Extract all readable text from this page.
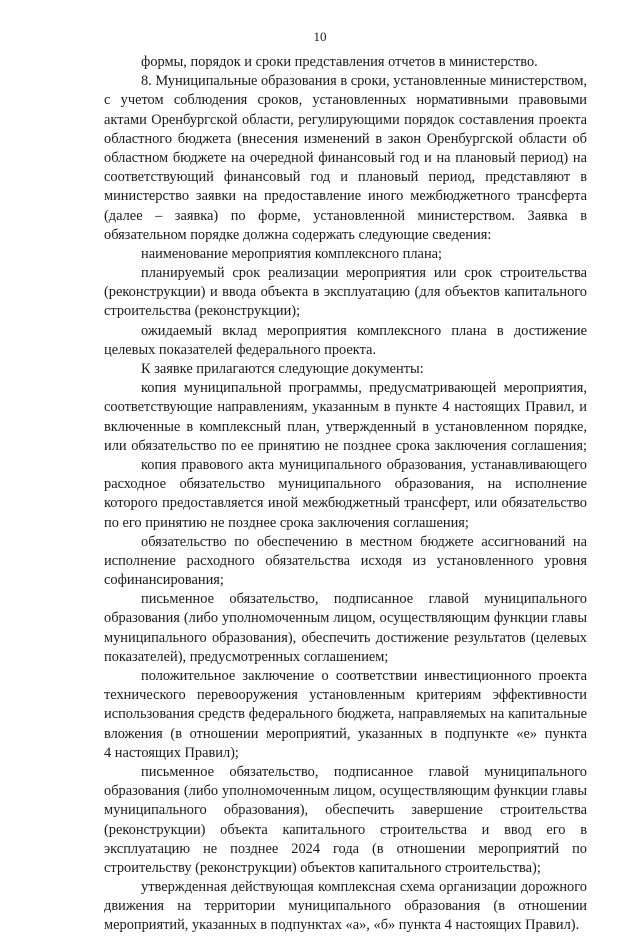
10
формы, порядок и сроки представления отчетов в министерство.
8. Муниципальные образования в сроки, установленные министерством,
с учетом соблюдения сроков, установленных нормативными правовыми
актами Оренбургской области, регулирующими порядок составления проекта
областного бюджета (внесения изменений в закон Оренбургской области об
областном бюджете на очередной финансовый год и на плановый период) на
соответствующий финансовый год и плановый период, представляют в
министерство заявки на предоставление иного межбюджетного трансферта
(далее – заявка) по форме, установленной министерством. Заявка в
обязательном порядке должна содержать следующие сведения:
наименование мероприятия комплексного плана;
планируемый срок реализации мероприятия или срок строительства
(реконструкции) и ввода объекта в эксплуатацию (для объектов капитального
строительства (реконструкции);
ожидаемый вклад мероприятия комплексного плана в достижение
целевых показателей федерального проекта.
К заявке прилагаются следующие документы:
копия муниципальной программы, предусматривающей мероприятия,
соответствующие направлениям, указанным в пункте 4 настоящих Правил, и
включенные в комплексный план, утвержденный в установленном порядке,
или обязательство по ее принятию не позднее срока заключения соглашения;
копия правового акта муниципального образования, устанавливающего
расходное обязательство муниципального образования, на исполнение
которого предоставляется иной межбюджетный трансферт, или обязательство
по его принятию не позднее срока заключения соглашения;
обязательство по обеспечению в местном бюджете ассигнований на
исполнение расходного обязательства исходя из установленного уровня
софинансирования;
письменное обязательство, подписанное главой муниципального
образования (либо уполномоченным лицом, осуществляющим функции главы
муниципального образования), обеспечить достижение результатов (целевых
показателей), предусмотренных соглашением;
положительное заключение о соответствии инвестиционного проекта
технического перевооружения установленным критериям эффективности
использования средств федерального бюджета, направляемых на капитальные
вложения (в отношении мероприятий, указанных в подпункте «е» пункта
4 настоящих Правил);
письменное обязательство, подписанное главой муниципального
образования (либо уполномоченным лицом, осуществляющим функции главы
муниципального образования), обеспечить завершение строительства
(реконструкции) объекта капитального строительства и ввод его в
эксплуатацию не позднее 2024 года (в отношении мероприятий по
строительству (реконструкции) объектов капитального строительства);
утвержденная действующая комплексная схема организации дорожного
движения на территории муниципального образования (в отношении
мероприятий, указанных в подпунктах «а», «б» пункта 4 настоящих Правил).
